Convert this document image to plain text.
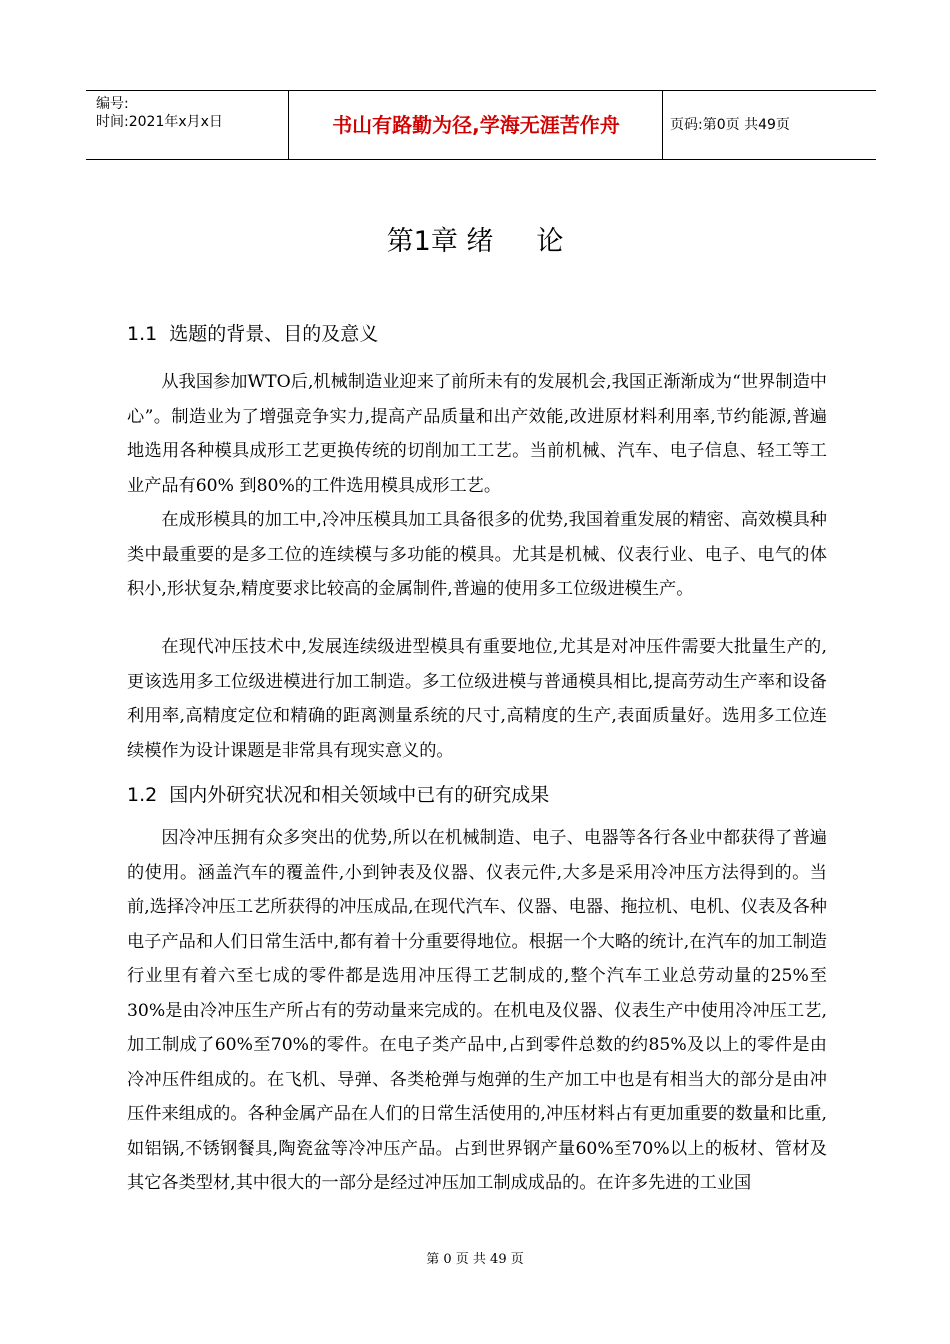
编号:
时间:2021年x月x日	书山有路勤为径,学海无涯苦作舟	页码:第0页 共49页
第1章 绪     论
1.1  选题的背景、目的及意义

从我国参加WTO后,机械制造业迎来了前所未有的发展机会,我国正渐渐成为“世界制造中心”。制造业为了增强竞争实力,提高产品质量和出产效能,改进原材料利用率,节约能源,普遍地选用各种模具成形工艺更换传统的切削加工工艺。当前机械、汽车、电子信息、轻工等工业产品有60% 到80%的工件选用模具成形工艺。

在成形模具的加工中,冷冲压模具加工具备很多的优势,我国着重发展的精密、高效模具种类中最重要的是多工位的连续模与多功能的模具。尤其是机械、仪表行业、电子、电气的体积小,形状复杂,精度要求比较高的金属制件,普遍的使用多工位级进模生产。

在现代冲压技术中,发展连续级进型模具有重要地位,尤其是对冲压件需要大批量生产的,更该选用多工位级进模进行加工制造。多工位级进模与普通模具相比,提高劳动生产率和设备利用率,高精度定位和精确的距离测量系统的尺寸,高精度的生产,表面质量好。选用多工位连续模作为设计课题是非常具有现实意义的。

1.2  国内外研究状况和相关领域中已有的研究成果

因冷冲压拥有众多突出的优势,所以在机械制造、电子、电器等各行各业中都获得了普遍的使用。涵盖汽车的覆盖件,小到钟表及仪器、仪表元件,大多是采用冷冲压方法得到的。当前,选择冷冲压工艺所获得的冲压成品,在现代汽车、仪器、电器、拖拉机、电机、仪表及各种电子产品和人们日常生活中,都有着十分重要得地位。根据一个大略的统计,在汽车的加工制造行业里有着六至七成的零件都是选用冲压得工艺制成的,整个汽车工业总劳动量的25%至30%是由冷冲压生产所占有的劳动量来完成的。在机电及仪器、仪表生产中使用冷冲压工艺,加工制成了60%至70%的零件。在电子类产品中,占到零件总数的约85%及以上的零件是由冷冲压件组成的。在飞机、导弹、各类枪弹与炮弹的生产加工中也是有相当大的部分是由冲压件来组成的。各种金属产品在人们的日常生活使用的,冲压材料占有更加重要的数量和比重,如铝锅,不锈钢餐具,陶瓷盆等冷冲压产品。占到世界钢产量60%至70%以上的板材、管材及其它各类型材,其中很大的一部分是经过冲压加工制成成品的。在许多先进的工业国

第 0 页 共 49 页
